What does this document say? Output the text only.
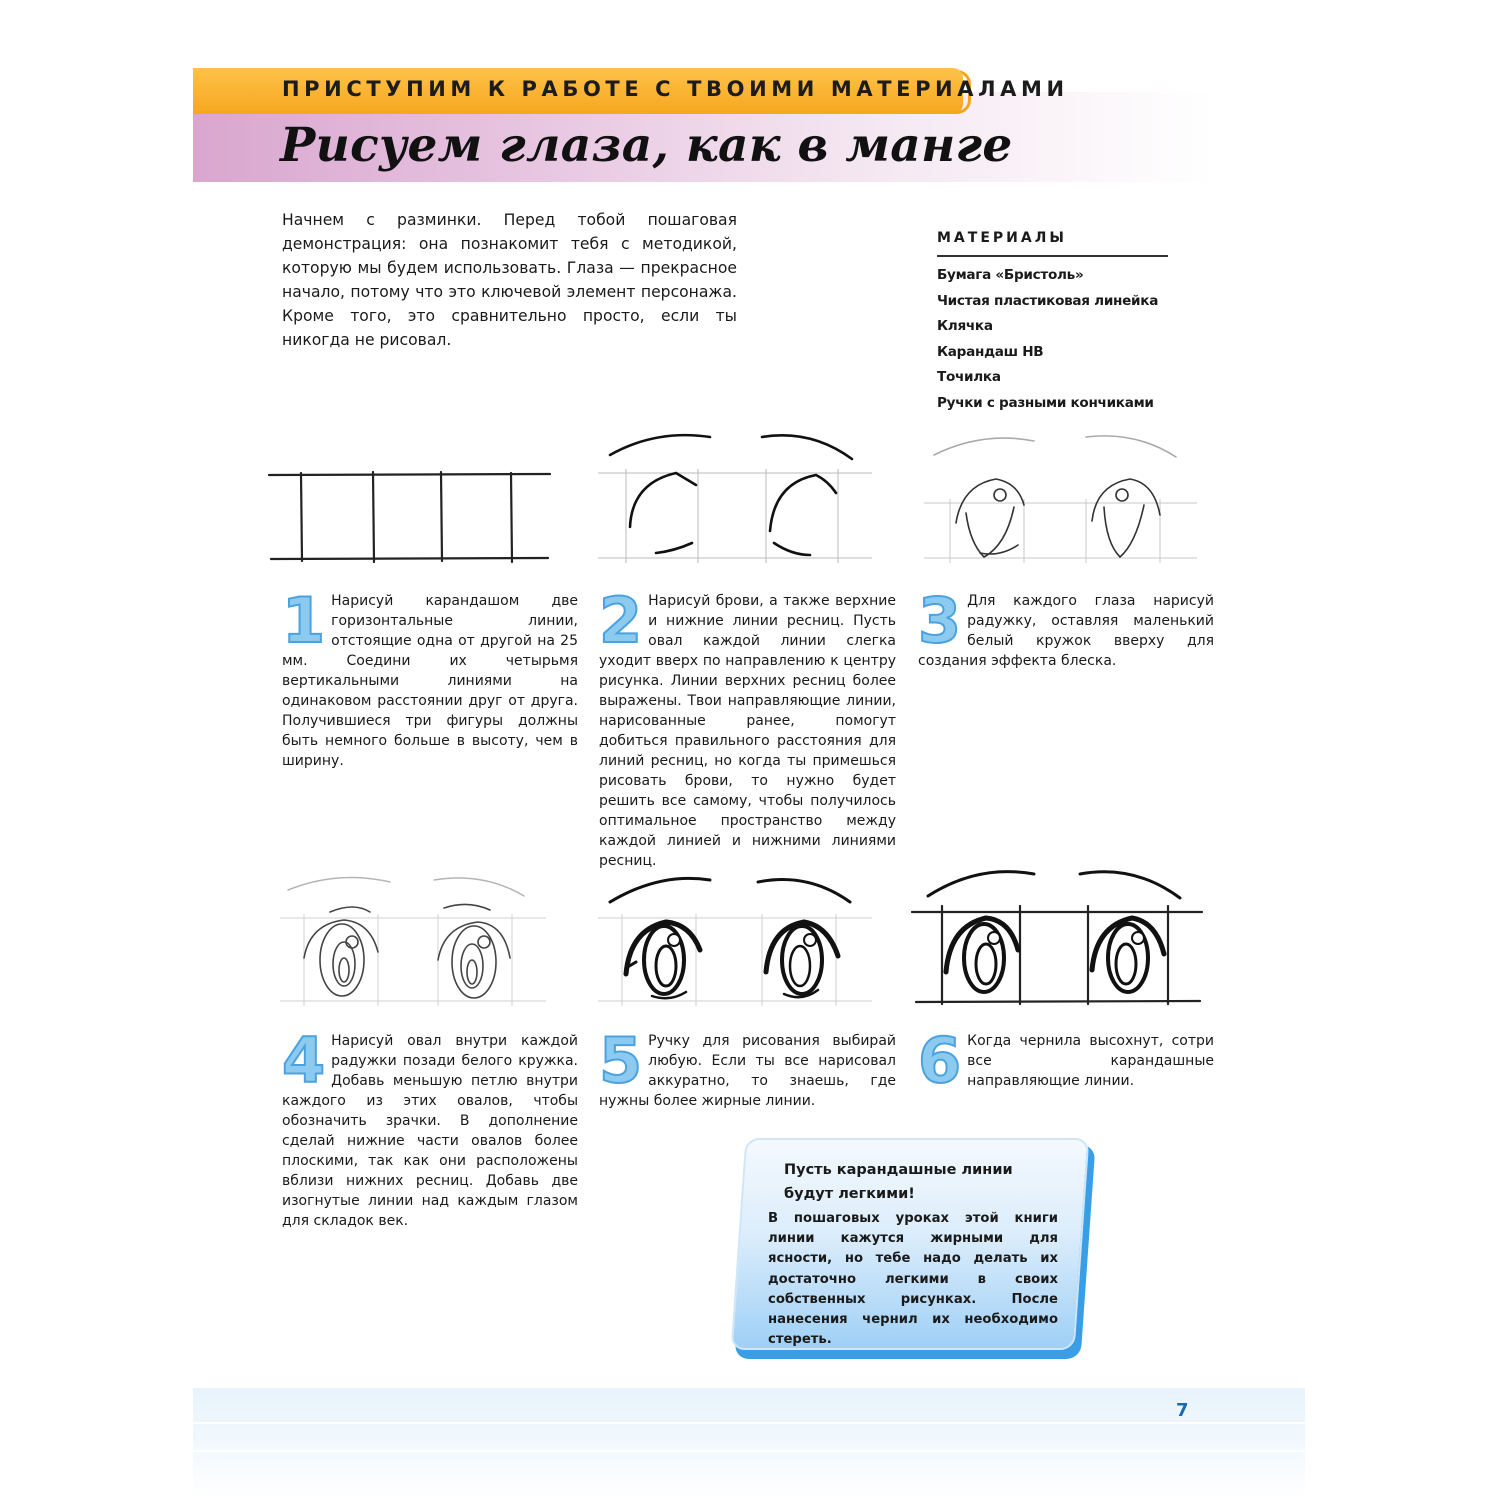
ПРИСТУПИМ К РАБОТЕ С ТВОИМИ МАТЕРИАЛАМИ
Рисуем глаза, как в манге
Начнем с разминки. Перед тобой пошаговая демонстрация: она познакомит тебя с методикой, которую мы будем использовать. Глаза — прекрасное начало, потому что это ключевой элемент персонажа. Кроме того, это сравнительно просто, если ты никогда не рисовал.
МАТЕРИАЛЫ
Бумага «Бристоль»
Чистая пластиковая линейка
Клячка
Карандаш HB
Точилка
Ручки с разными кончиками
1 Нарисуй карандашом две горизонтальные линии, отстоящие одна от другой на 25 мм. Соедини их четырьмя вертикальными линиями на одинаковом расстоянии друг от друга. Получившиеся три фигуры должны быть немного больше в высоту, чем в ширину.
2 Нарисуй брови, а также верхние и нижние линии ресниц. Пусть овал каждой линии слегка уходит вверх по направлению к центру рисунка. Линии верхних ресниц более выражены. Твои направляющие линии, нарисованные ранее, помогут добиться правильного расстояния для линий ресниц, но когда ты примешься рисовать брови, то нужно будет решить все самому, чтобы получилось оптимальное пространство между каждой линией и нижними линиями ресниц.
3 Для каждого глаза нарисуй радужку, оставляя маленький белый кружок вверху для создания эффекта блеска.
4 Нарисуй овал внутри каждой радужки позади белого кружка. Добавь меньшую петлю внутри каждого из этих овалов, чтобы обозначить зрачки. В дополнение сделай нижние части овалов более плоскими, так как они расположены вблизи нижних ресниц. Добавь две изогнутые линии над каждым глазом для складок век.
5 Ручку для рисования выбирай любую. Если ты все нарисовал аккуратно, то знаешь, где нужны более жирные линии.
6 Когда чернила высохнут, сотри все карандашные направляющие линии.
Пусть карандашные линии будут легкими!
В пошаговых уроках этой книги линии кажутся жирными для ясности, но тебе надо делать их достаточно легкими в своих собственных рисунках. После нанесения чернил их необходимо стереть.
7
